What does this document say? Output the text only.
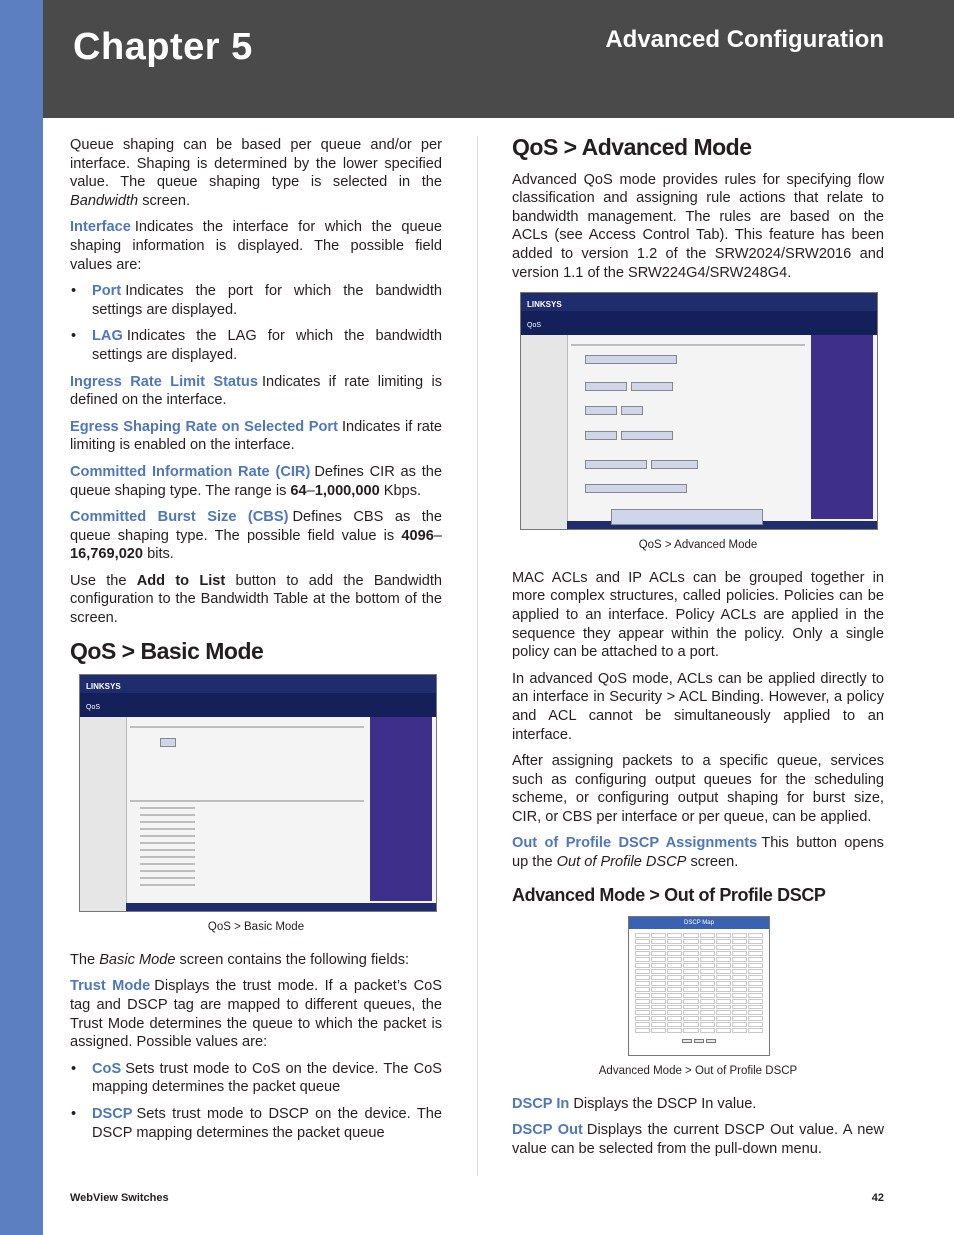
Chapter 5	Advanced Configuration

Queue shaping can be based per queue and/or per interface. Shaping is determined by the lower specified value. The queue shaping type is selected in the Bandwidth screen.

Interface Indicates the interface for which the queue shaping information is displayed. The possible field values are:

• Port Indicates the port for which the bandwidth settings are displayed.

• LAG Indicates the LAG for which the bandwidth settings are displayed.

Ingress Rate Limit Status Indicates if rate limiting is defined on the interface.

Egress Shaping Rate on Selected Port Indicates if rate limiting is enabled on the interface.

Committed Information Rate (CIR) Defines CIR as the queue shaping type. The range is 64–1,000,000 Kbps.

Committed Burst Size (CBS) Defines CBS as the queue shaping type. The possible field value is 4096–16,769,020 bits.

Use the Add to List button to add the Bandwidth configuration to the Bandwidth Table at the bottom of the screen.

QoS > Basic Mode
LINKSYS
QoS
QoS > Basic Mode

The Basic Mode screen contains the following fields:

Trust Mode Displays the trust mode. If a packet’s CoS tag and DSCP tag are mapped to different queues, the Trust Mode determines the queue to which the packet is assigned. Possible values are:

• CoS Sets trust mode to CoS on the device. The CoS mapping determines the packet queue

• DSCP Sets trust mode to DSCP on the device. The DSCP mapping determines the packet queue

QoS > Advanced Mode

Advanced QoS mode provides rules for specifying flow classification and assigning rule actions that relate to bandwidth management. The rules are based on the ACLs (see Access Control Tab). This feature has been added to version 1.2 of the SRW2024/SRW2016 and version 1.1 of the SRW224G4/SRW248G4.

LINKSYS
QoS
QoS > Advanced Mode

MAC ACLs and IP ACLs can be grouped together in more complex structures, called policies. Policies can be applied to an interface. Policy ACLs are applied in the sequence they appear within the policy. Only a single policy can be attached to a port.

In advanced QoS mode, ACLs can be applied directly to an interface in Security > ACL Binding. However, a policy and ACL cannot be simultaneously applied to an interface.

After assigning packets to a specific queue, services such as configuring output queues for the scheduling scheme, or configuring output shaping for burst size, CIR, or CBS per interface or per queue, can be applied.

Out of Profile DSCP Assignments This button opens up the Out of Profile DSCP screen.

Advanced Mode > Out of Profile DSCP
DSCP Map
Advanced Mode > Out of Profile DSCP

DSCP In Displays the DSCP In value.

DSCP Out Displays the current DSCP Out value. A new value can be selected from the pull-down menu.

WebView Switches	42
